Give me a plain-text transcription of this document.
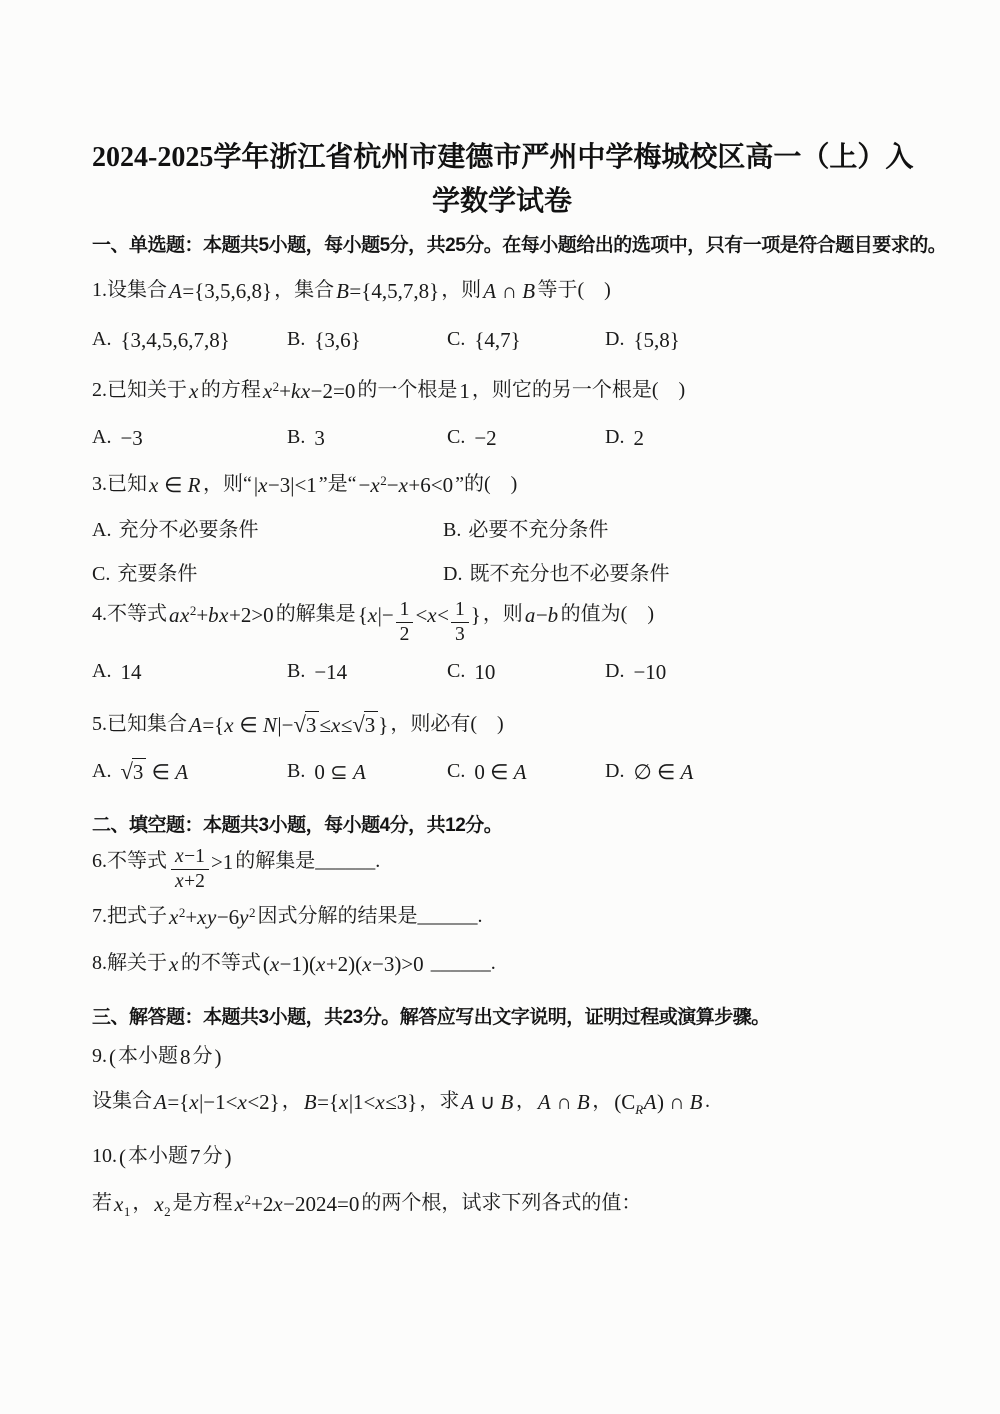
2024-2025学年浙江省杭州市建德市严州中学梅城校区高一（上）入
学数学试卷
一、单选题：本题共5小题，每小题5分，共25分。在每小题给出的选项中，只有一项是符合题目要求的。
1.设集合A={3,5,6,8} ，集合B={4,5,7,8} ，则A ∩ B 等于(　)
A. {3,4,5,6,7,8}	B. {3,6}	C. {4,7}	D. {5,8}
2.已知关于x 的方程$x^2+kx-2=0$ 的一个根是1 ，则它的另一个根是(　)
A. −3	B. 3	C. −2	D. 2
3.已知x ∈ R ，则“|x−3|<1 ”是“$-x^2-x+6<0$ ”的(　)
A. 充分不必要条件	B. 必要不充分条件
C. 充要条件	D. 既不充分也不必要条件
4.不等式$ax^2+bx+2>0$ 的解集是{$x|- \frac{1}{2} <x< \frac{1}{3}$ } ，则a−b 的值为(　)
A. 14	B. −14	C. 10	D. −10
5.已知集合A={x ∈ N|−√3 ≤x≤√3 } ，则必有(　)
A. √3 ∈ A	B. 0 ⊆ A	C. 0 ∈ A	D. ∅ ∈ A
二、填空题：本题共3小题，每小题4分，共12分。
6.不等式 $\frac{x-1}{x+2} >1$ 的解集是______.
7.把式子$x^2+xy-6y^2$ 因式分解的结果是______.
8.解关于x 的不等式(x−1)(x+2)(x−3)>0 ______.
三、解答题：本题共3小题，共23分。解答应写出文字说明，证明过程或演算步骤。
9.( 本小题8 分)
设集合A={x|−1<x<2} ，B={x|1<x≤3} ，求A ∪ B ，A ∩ B ，$(C_RA)$ ∩ B .
10.( 本小题7 分)
若$x_1$ ，$x_2$ 是方程$x^2+2x-2024=0$ 的两个根，试求下列各式的值：
